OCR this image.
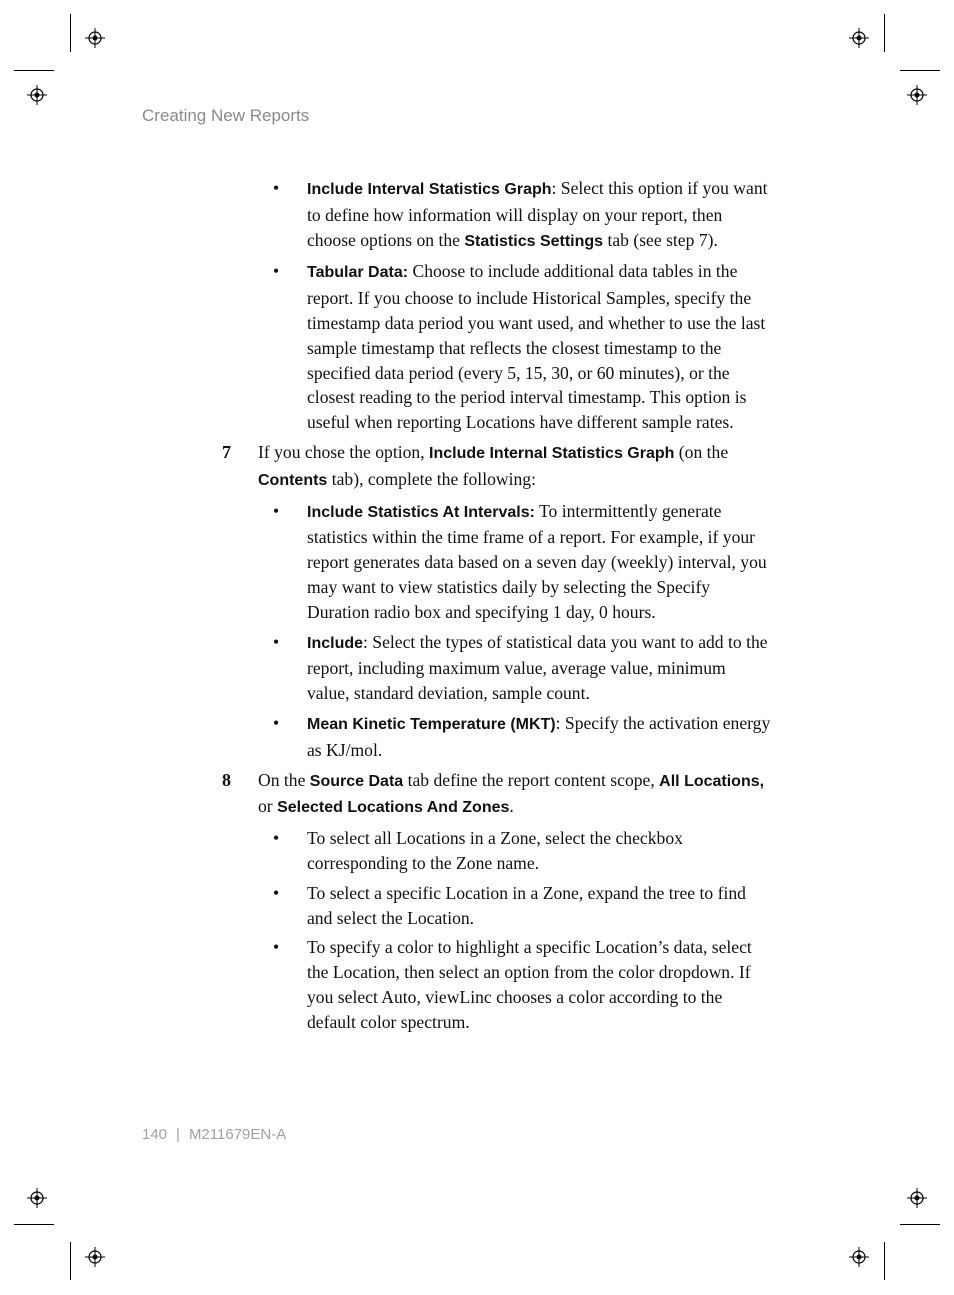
Creating New Reports
• Include Interval Statistics Graph: Select this option if you want to define how information will display on your report, then choose options on the Statistics Settings tab (see step 7).
• Tabular Data: Choose to include additional data tables in the report. If you choose to include Historical Samples, specify the timestamp data period you want used, and whether to use the last sample timestamp that reflects the closest timestamp to the specified data period (every 5, 15, 30, or 60 minutes), or the closest reading to the period interval timestamp. This option is useful when reporting Locations have different sample rates.
7 If you chose the option, Include Internal Statistics Graph (on the Contents tab), complete the following:
• Include Statistics At Intervals: To intermittently generate statistics within the time frame of a report. For example, if your report generates data based on a seven day (weekly) interval, you may want to view statistics daily by selecting the Specify Duration radio box and specifying 1 day, 0 hours.
• Include: Select the types of statistical data you want to add to the report, including maximum value, average value, minimum value, standard deviation, sample count.
• Mean Kinetic Temperature (MKT): Specify the activation energy as KJ/mol.
8 On the Source Data tab define the report content scope, All Locations, or Selected Locations And Zones.
• To select all Locations in a Zone, select the checkbox corresponding to the Zone name.
• To select a specific Location in a Zone, expand the tree to find and select the Location.
• To specify a color to highlight a specific Location’s data, select the Location, then select an option from the color dropdown. If you select Auto, viewLinc chooses a color according to the default color spectrum.
140 | M211679EN-A
